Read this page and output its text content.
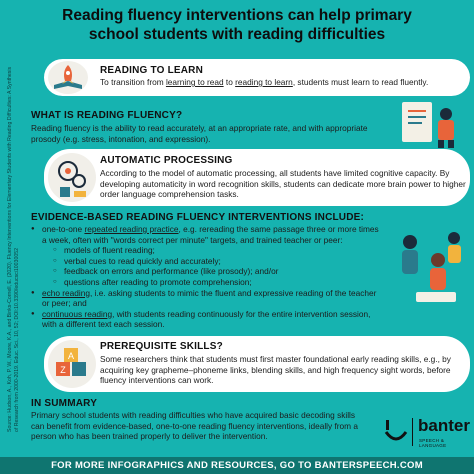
Reading fluency interventions can help primary
school students with reading difficulties
Source: Hudson, A., Koh, P. W., Moore, K.A., and Binks-Cornell, E. (2020). Fluency Interventions for Elementary Students with Reading Difficulties: A Synthesis of Research from 2000-2019. Educ. Sci., 10, 52; DOI:10.3390/educsci10030052
READING TO LEARN
To transition from learning to read to reading to learn, students must learn to read fluently.
WHAT IS READING FLUENCY?
Reading fluency is the ability to read accurately, at an appropriate rate, and with appropriate prosody (e.g. stress, intonation, and expression).
AUTOMATIC PROCESSING
According to the model of automatic processing, all students have limited cognitive capacity. By developing automaticity in word recognition skills, students can dedicate more brain power to higher order language comprehension tasks.
EVIDENCE-BASED READING FLUENCY INTERVENTIONS INCLUDE:
● one-to-one repeated reading practice, e.g. rereading the same passage three or more times a week, often with "words correct per minute" targets, and trained teacher or peer:
○ models of fluent reading;
○ verbal cues to read quickly and accurately;
○ feedback on errors and performance (like prosody); and/or
○ questions after reading to promote comprehension;
● echo reading, i.e. asking students to mimic the fluent and expressive reading of the teacher or peer; and
● continuous reading, with students reading continuously for the entire intervention session, with a different text each session.
A
Z
PREREQUISITE SKILLS?
Some researchers think that students must first master foundational early reading skills, e.g., by acquiring key grapheme–phoneme links, blending skills, and high frequency sight words, before fluency interventions can work.
IN SUMMARY
Primary school students with reading difficulties who have acquired basic decoding skills can benefit from evidence-based, one-to-one reading fluency interventions, ideally from a person who has been trained properly to deliver the intervention.
banter
SPEECH & LANGUAGE
FOR MORE INFOGRAPHICS AND RESOURCES, GO TO BANTERSPEECH.COM
